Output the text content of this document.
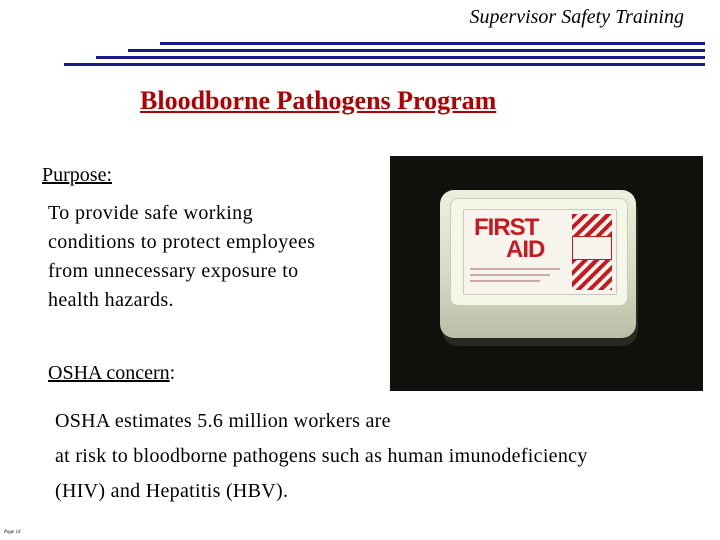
Supervisor Safety Training
Bloodborne Pathogens Program
Purpose:
To provide safe working
conditions to protect employees
from unnecessary exposure to
health hazards.
OSHA concern:
OSHA estimates 5.6 million workers are
at risk to bloodborne pathogens such as human imunodeficiency
(HIV) and Hepatitis (HBV).
FIRST
AID
Page 14
